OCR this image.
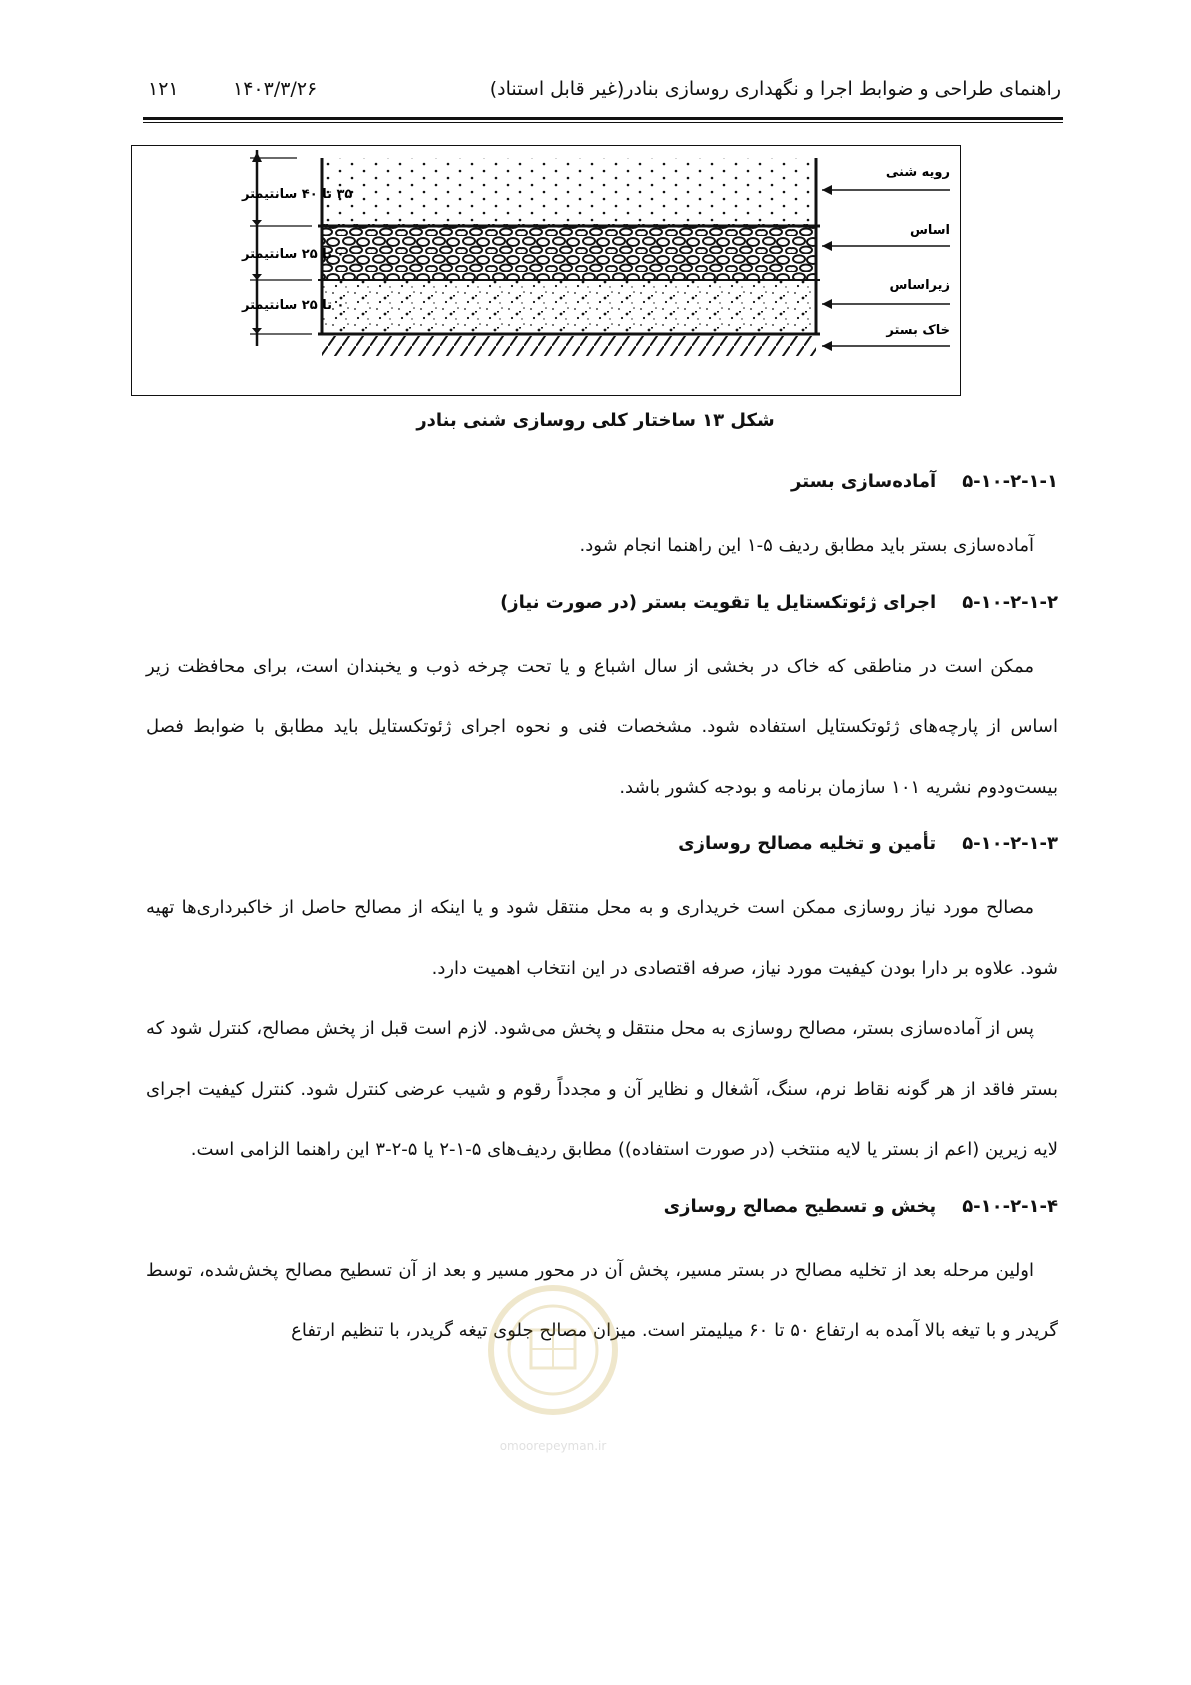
راهنمای طراحی و ضوابط اجرا و نگهداری روسازی بنادر(غیر قابل استناد)
۱۴۰۳/۳/۲۶
۱۲۱
۳۵ تا ۴۰ سانتیمتر
۰ تا ۲۵ سانتیمتر
۰ تا ۲۵ سانتیمتر
رویه شنی
اساس
زیراساس
خاک بستر
شکل ۱۳ ساختار کلی روسازی شنی بنادر
۵-۱۰-۲-۱-۱آماده‌سازی بستر

آماده‌سازی بستر باید مطابق ردیف ۵-۱ این راهنما انجام شود.

۵-۱۰-۲-۱-۲اجرای ژئوتکستایل یا تقویت بستر (در صورت نیاز)

ممکن است در مناطقی که خاک در بخشی از سال اشباع و یا تحت چرخه ذوب و یخبندان است، برای محافظت زیر اساس از پارچه‌های ژئوتکستایل استفاده شود. مشخصات فنی و نحوه اجرای ژئوتکستایل باید مطابق با ضوابط فصل بیست‌ودوم نشریه ۱۰۱ سازمان برنامه و بودجه کشور باشد.

۵-۱۰-۲-۱-۳تأمین و تخلیه مصالح روسازی

مصالح مورد نیاز روسازی ممکن است خریداری و به محل منتقل شود و یا اینکه از مصالح حاصل از خاکبرداری‌ها تهیه شود. علاوه بر دارا بودن کیفیت مورد نیاز، صرفه اقتصادی در این انتخاب اهمیت دارد.

پس از آماده‌سازی بستر، مصالح روسازی به محل منتقل و پخش می‌شود. لازم است قبل از پخش مصالح، کنترل شود که بستر فاقد از هر گونه نقاط نرم، سنگ، آشغال و نظایر آن و مجدداً رقوم و شیب عرضی کنترل شود. کنترل کیفیت اجرای لایه زیرین (اعم از بستر یا لایه منتخب (در صورت استفاده)) مطابق ردیف‌های ۵-۱-۲ یا ۵-۲-۳ این راهنما الزامی است.

۵-۱۰-۲-۱-۴پخش و تسطیح مصالح روسازی

اولین مرحله بعد از تخلیه مصالح در بستر مسیر، پخش آن در محور مسیر و بعد از آن تسطیح مصالح پخش‌شده، توسط گریدر و با تیغه بالا آمده به ارتفاع ۵۰ تا ۶۰ میلیمتر است. میزان مصالح جلوی تیغه گریدر، با تنظیم ارتفاع

omoorepeyman.ir
